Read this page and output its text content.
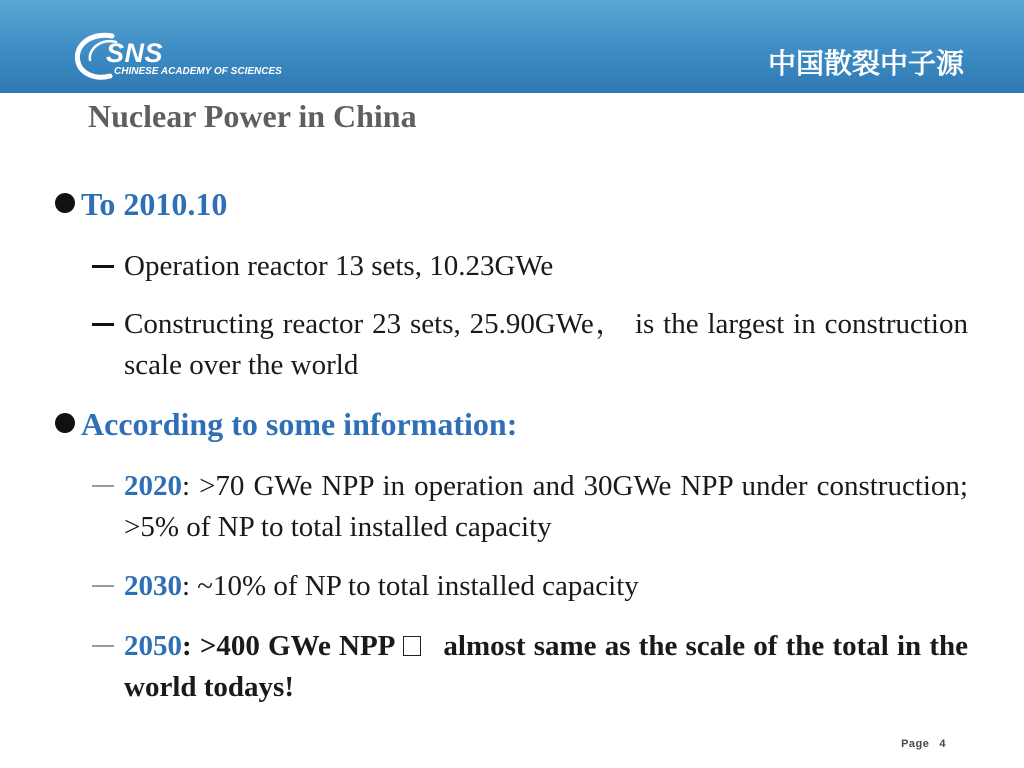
SNS
CHINESE ACADEMY OF SCIENCES	中国散裂中子源
Nuclear Power in China
To 2010.10
Operation reactor 13 sets, 10.23GWe
Constructing reactor 23 sets, 25.90GWe， is the largest in construction scale over the world
According to some information:
2020: >70 GWe NPP in operation and 30GWe NPP under construction; >5% of NP to total installed capacity
2030: ~10% of NP to total installed capacity
2050: >400 GWe NPP almost same as the scale of the total in the world todays!
Page 4
